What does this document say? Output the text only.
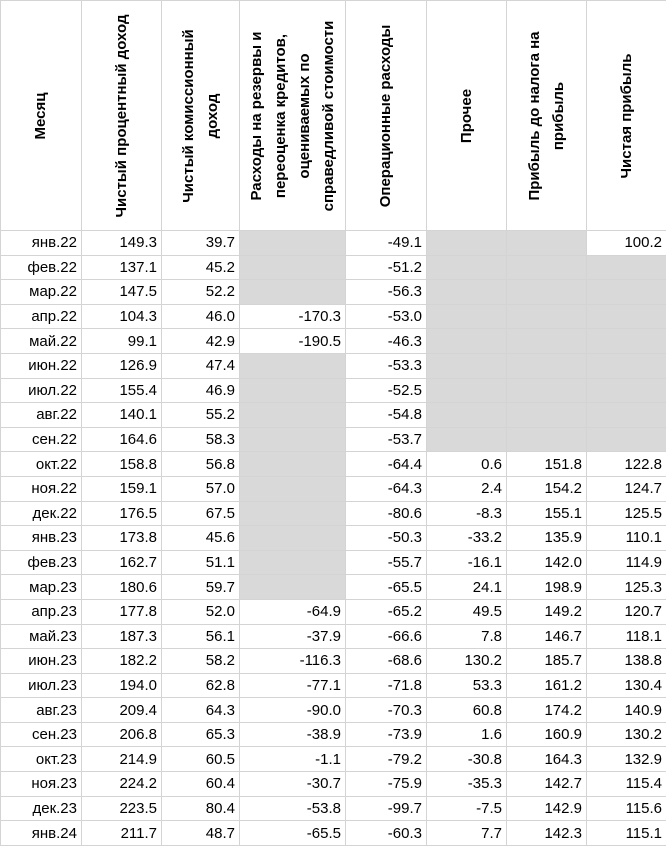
Месяц	Чистый процентный доход	Чистый комиссионный доход	Расходы на резервы и переоценка кредитов, оцениваемых по справедливой стоимости	Операционные расходы	Прочее	Прибыль до налога на прибыль	Чистая прибыль

янв.22	149.3	39.7		-49.1			100.2
фев.22	137.1	45.2		-51.2			
мар.22	147.5	52.2		-56.3			
апр.22	104.3	46.0	-170.3	-53.0			
май.22	99.1	42.9	-190.5	-46.3			
июн.22	126.9	47.4		-53.3			
июл.22	155.4	46.9		-52.5			
авг.22	140.1	55.2		-54.8			
сен.22	164.6	58.3		-53.7			
окт.22	158.8	56.8		-64.4	0.6	151.8	122.8
ноя.22	159.1	57.0		-64.3	2.4	154.2	124.7
дек.22	176.5	67.5		-80.6	-8.3	155.1	125.5
янв.23	173.8	45.6		-50.3	-33.2	135.9	110.1
фев.23	162.7	51.1		-55.7	-16.1	142.0	114.9
мар.23	180.6	59.7		-65.5	24.1	198.9	125.3
апр.23	177.8	52.0	-64.9	-65.2	49.5	149.2	120.7
май.23	187.3	56.1	-37.9	-66.6	7.8	146.7	118.1
июн.23	182.2	58.2	-116.3	-68.6	130.2	185.7	138.8
июл.23	194.0	62.8	-77.1	-71.8	53.3	161.2	130.4
авг.23	209.4	64.3	-90.0	-70.3	60.8	174.2	140.9
сен.23	206.8	65.3	-38.9	-73.9	1.6	160.9	130.2
окт.23	214.9	60.5	-1.1	-79.2	-30.8	164.3	132.9
ноя.23	224.2	60.4	-30.7	-75.9	-35.3	142.7	115.4
дек.23	223.5	80.4	-53.8	-99.7	-7.5	142.9	115.6
янв.24	211.7	48.7	-65.5	-60.3	7.7	142.3	115.1
